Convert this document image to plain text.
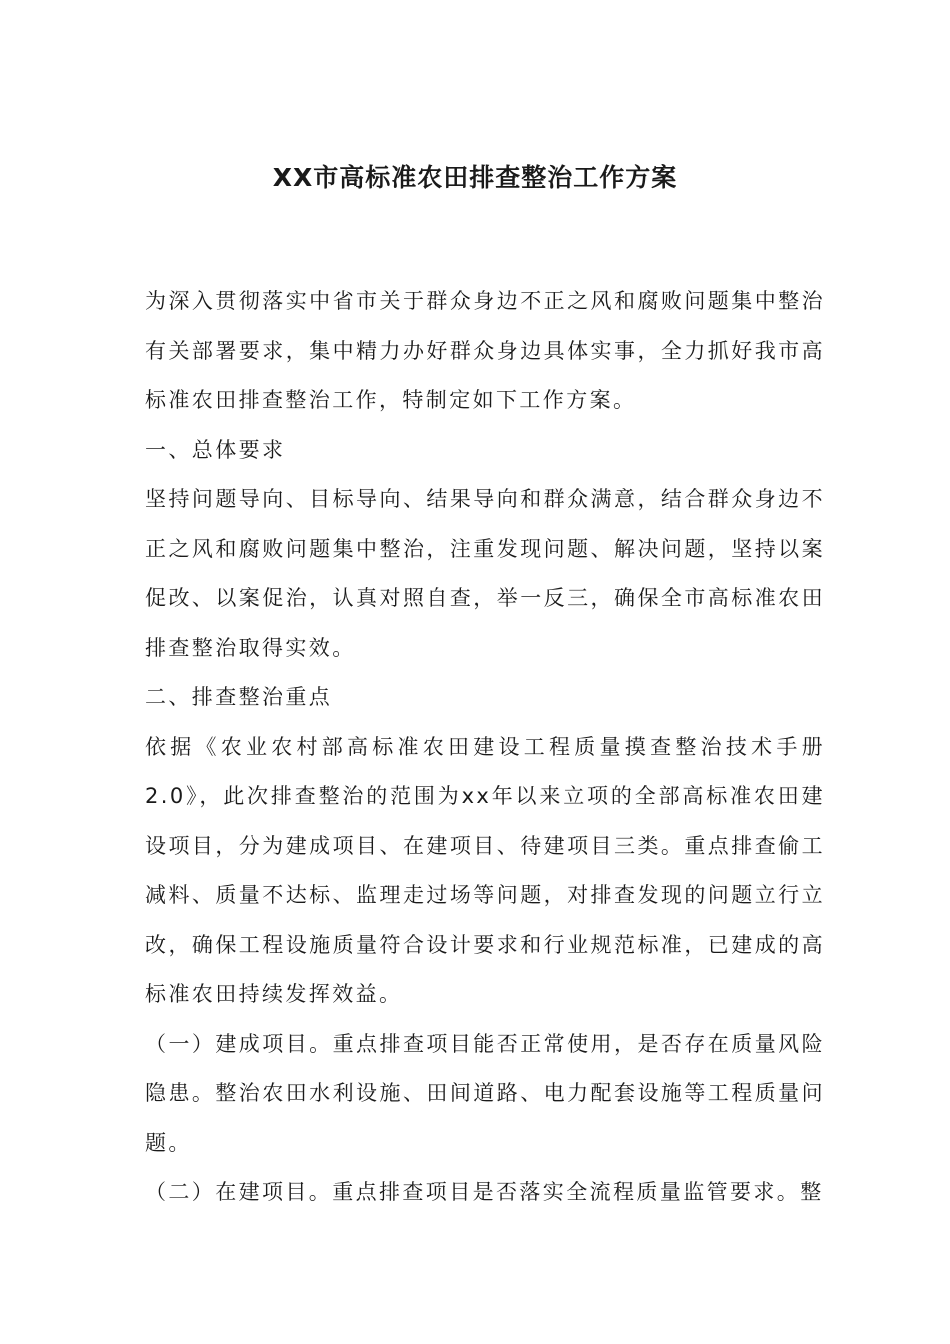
XX市高标准农田排查整治工作方案

为深入贯彻落实中省市关于群众身边不正之风和腐败问题集中整治有关部署要求，集中精力办好群众身边具体实事，全力抓好我市高标准农田排查整治工作，特制定如下工作方案。

一、总体要求

坚持问题导向、目标导向、结果导向和群众满意，结合群众身边不正之风和腐败问题集中整治，注重发现问题、解决问题，坚持以案促改、以案促治，认真对照自查，举一反三，确保全市高标准农田排查整治取得实效。

二、排查整治重点

依据《农业农村部高标准农田建设工程质量摸查整治技术手册2.0》，此次排查整治的范围为xx年以来立项的全部高标准农田建设项目，分为建成项目、在建项目、待建项目三类。重点排查偷工减料、质量不达标、监理走过场等问题，对排查发现的问题立行立改，确保工程设施质量符合设计要求和行业规范标准，已建成的高标准农田持续发挥效益。

（一）建成项目。重点排查项目能否正常使用，是否存在质量风险隐患。整治农田水利设施、田间道路、电力配套设施等工程质量问题。

（二）在建项目。重点排查项目是否落实全流程质量监管要求。整
